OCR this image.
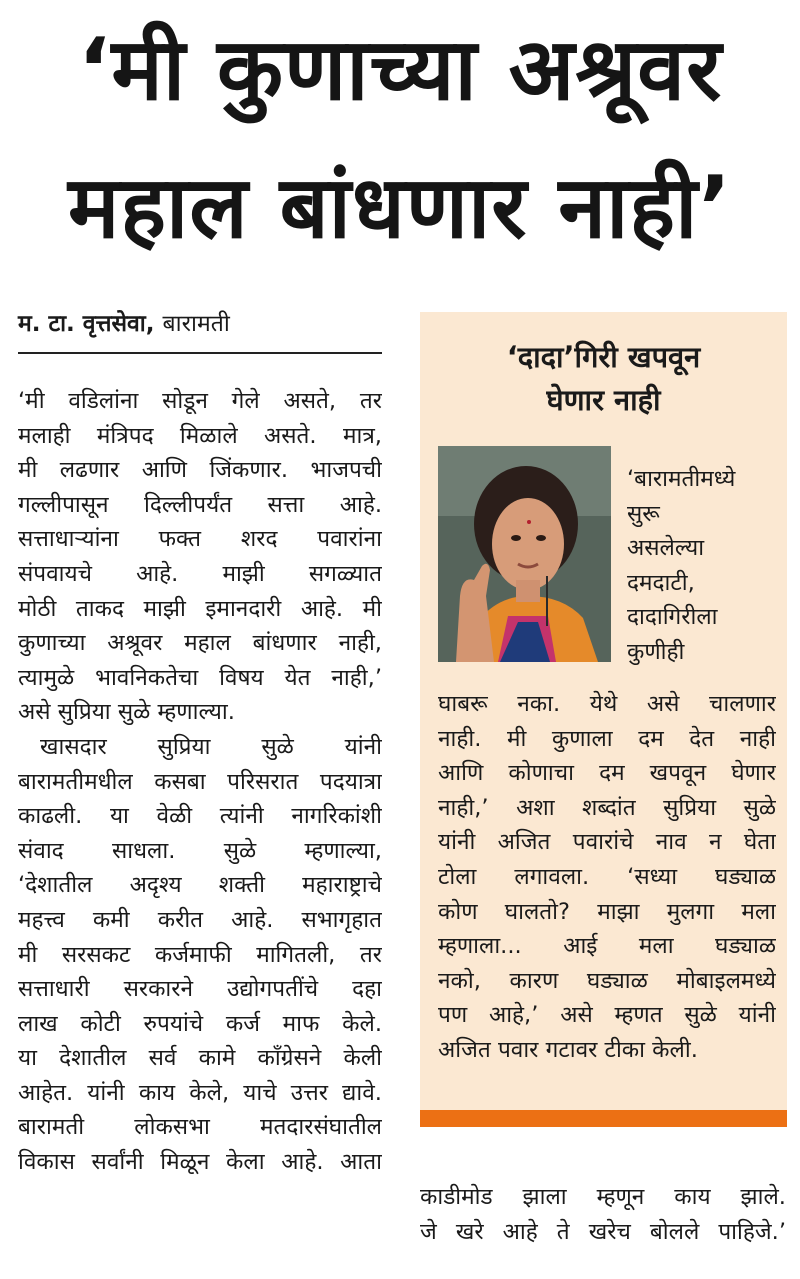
‘मी कुणाच्या अश्रूवर
महाल बांधणार नाही’
म. टा. वृत्तसेवा, बारामती
‘मी वडिलांना सोडून गेले असते, तर
मलाही मंत्रिपद मिळाले असते. मात्र,
मी लढणार आणि जिंकणार. भाजपची
गल्लीपासून दिल्लीपर्यंत सत्ता आहे.
सत्ताधाऱ्यांना फक्त शरद पवारांना
संपवायचे आहे. माझी सगळ्यात
मोठी ताकद माझी इमानदारी आहे. मी
कुणाच्या अश्रूवर महाल बांधणार नाही,
त्यामुळे भावनिकतेचा विषय येत नाही,’
असे सुप्रिया सुळे म्हणाल्या.
खासदार सुप्रिया सुळे यांनी
बारामतीमधील कसबा परिसरात पदयात्रा
काढली. या वेळी त्यांनी नागरिकांशी
संवाद साधला. सुळे म्हणाल्या,
‘देशातील अदृश्य शक्ती महाराष्ट्राचे
महत्त्व कमी करीत आहे. सभागृहात
मी सरसकट कर्जमाफी मागितली, तर
सत्ताधारी सरकारने उद्योगपतींचे दहा
लाख कोटी रुपयांचे कर्ज माफ केले.
या देशातील सर्व कामे काँग्रेसने केली
आहेत. यांनी काय केले, याचे उत्तर द्यावे.
बारामती लोकसभा मतदारसंघातील
विकास सर्वांनी मिळून केला आहे. आता
‘दादा’गिरी खपवून
घेणार नाही
‘बारामतीमध्ये
सुरू
असलेल्या
दमदाटी,
दादागिरीला
कुणीही
घाबरू नका. येथे असे चालणार
नाही. मी कुणाला दम देत नाही
आणि कोणाचा दम खपवून घेणार
नाही,’ अशा शब्दांत सुप्रिया सुळे
यांनी अजित पवारांचे नाव न घेता
टोला लगावला. ‘सध्या घड्याळ
कोण घालतो? माझा मुलगा मला
म्हणाला... आई मला घड्याळ
नको, कारण घड्याळ मोबाइलमध्ये
पण आहे,’ असे म्हणत सुळे यांनी
अजित पवार गटावर टीका केली.
काडीमोड झाला म्हणून काय झाले.
जे खरे आहे ते खरेच बोलले पाहिजे.’
